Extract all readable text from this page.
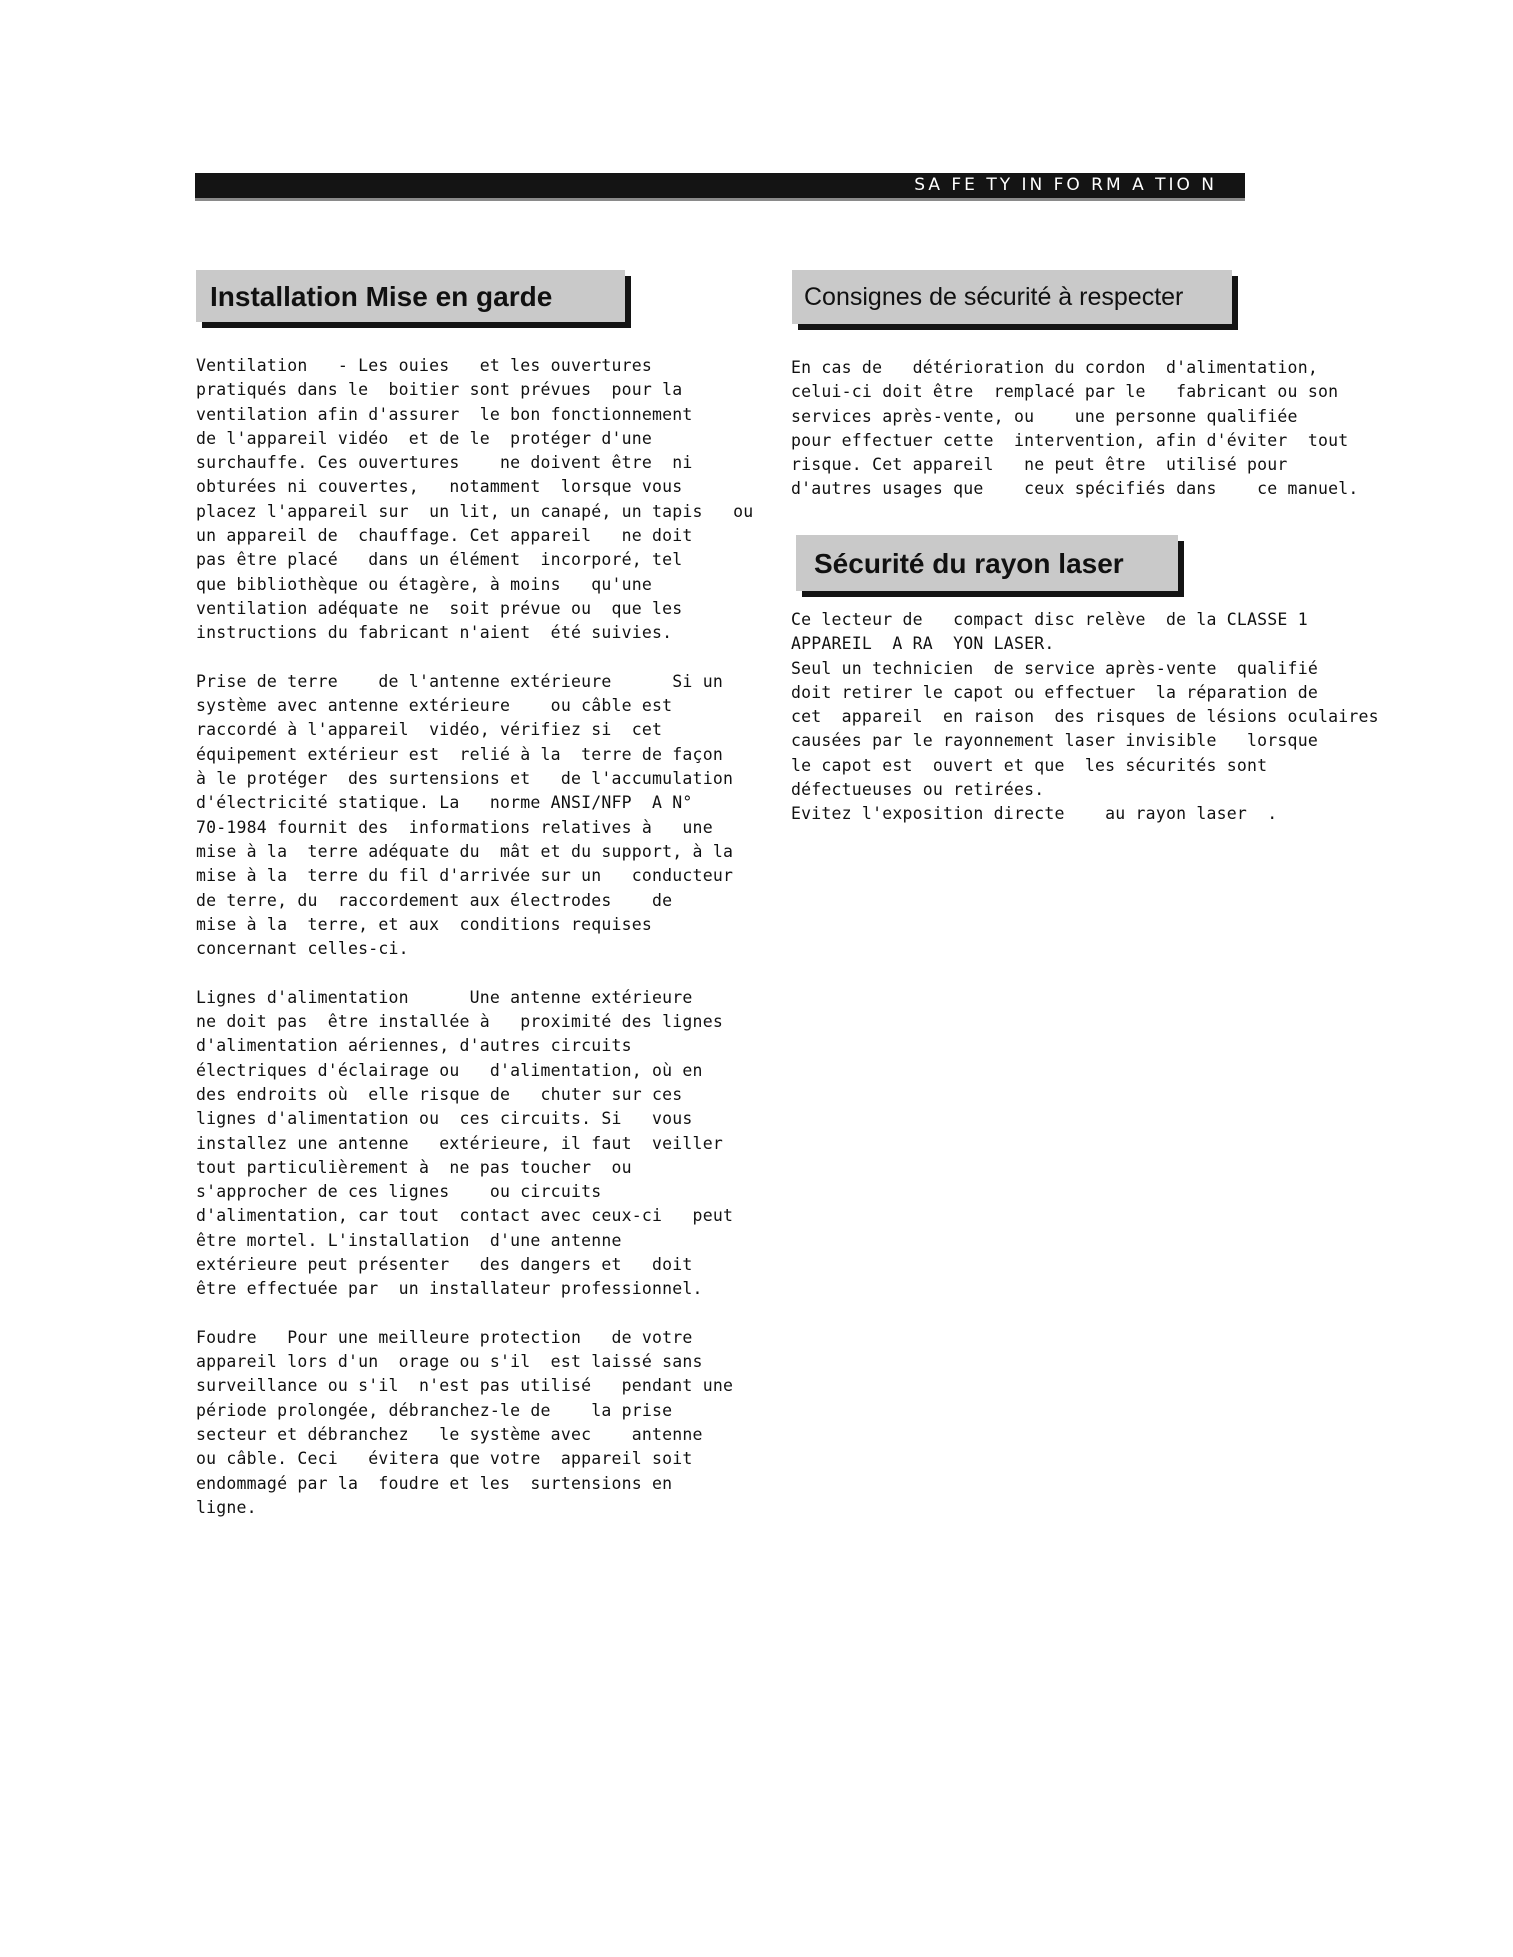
SA FE TY IN FO RM A TIO N
Installation Mise en garde

Ventilation   - Les ouies   et les ouvertures
pratiqués dans le  boitier sont prévues  pour la
ventilation afin d'assurer  le bon fonctionnement
de l'appareil vidéo  et de le  protéger d'une
surchauffe. Ces ouvertures    ne doivent être  ni
obturées ni couvertes,   notamment  lorsque vous
placez l'appareil sur  un lit, un canapé, un tapis   ou
un appareil de  chauffage. Cet appareil   ne doit
pas être placé   dans un élément  incorporé, tel
que bibliothèque ou étagère, à moins   qu'une
ventilation adéquate ne  soit prévue ou  que les
instructions du fabricant n'aient  été suivies.

Prise de terre    de l'antenne extérieure      Si un
système avec antenne extérieure    ou câble est
raccordé à l'appareil  vidéo, vérifiez si  cet
équipement extérieur est  relié à la  terre de façon
à le protéger  des surtensions et   de l'accumulation
d'électricité statique. La   norme ANSI/NFP  A N°
70-1984 fournit des  informations relatives à   une
mise à la  terre adéquate du  mât et du support, à la
mise à la  terre du fil d'arrivée sur un   conducteur
de terre, du  raccordement aux électrodes    de
mise à la  terre, et aux  conditions requises
concernant celles-ci.

Lignes d'alimentation      Une antenne extérieure
ne doit pas  être installée à   proximité des lignes
d'alimentation aériennes, d'autres circuits
électriques d'éclairage ou   d'alimentation, où en
des endroits où  elle risque de   chuter sur ces
lignes d'alimentation ou  ces circuits. Si   vous
installez une antenne   extérieure, il faut  veiller
tout particulièrement à  ne pas toucher  ou
s'approcher de ces lignes    ou circuits
d'alimentation, car tout  contact avec ceux-ci   peut
être mortel. L'installation  d'une antenne
extérieure peut présenter   des dangers et   doit
être effectuée par  un installateur professionnel.

Foudre   Pour une meilleure protection   de votre
appareil lors d'un  orage ou s'il  est laissé sans
surveillance ou s'il  n'est pas utilisé   pendant une
période prolongée, débranchez-le de    la prise
secteur et débranchez   le système avec    antenne
ou câble. Ceci   évitera que votre  appareil soit
endommagé par la  foudre et les  surtensions en
ligne.

Consignes de sécurité à respecter

En cas de   détérioration du cordon  d'alimentation,
celui-ci doit être  remplacé par le   fabricant ou son
services après-vente, ou    une personne qualifiée
pour effectuer cette  intervention, afin d'éviter  tout
risque. Cet appareil   ne peut être  utilisé pour
d'autres usages que    ceux spécifiés dans    ce manuel.

Sécurité du rayon laser

Ce lecteur de   compact disc relève  de la CLASSE 1
APPAREIL  A RA  YON LASER.
Seul un technicien  de service après-vente  qualifié
doit retirer le capot ou effectuer  la réparation de
cet  appareil  en raison  des risques de lésions oculaires
causées par le rayonnement laser invisible   lorsque
le capot est  ouvert et que  les sécurités sont
défectueuses ou retirées.
Evitez l'exposition directe    au rayon laser  .
